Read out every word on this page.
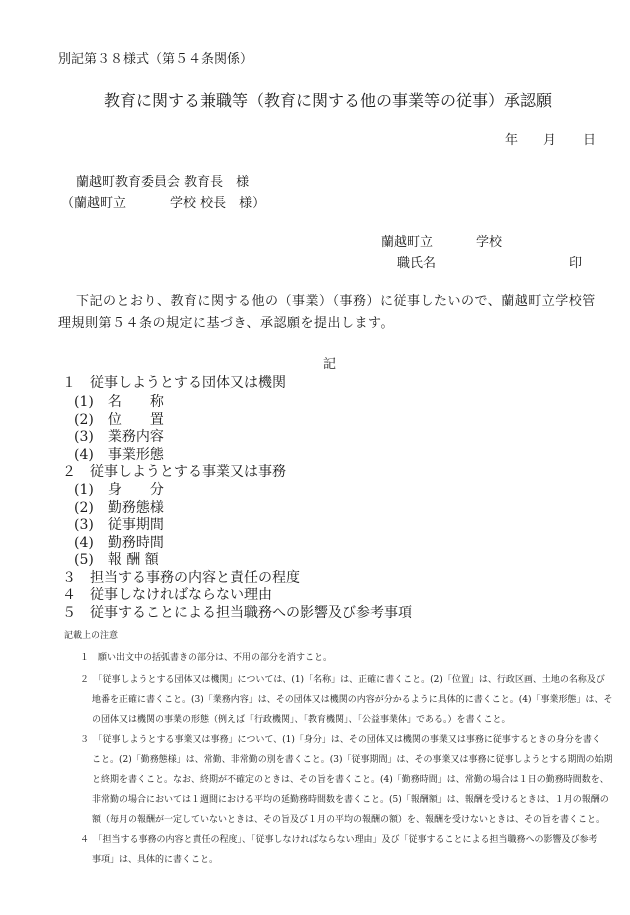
別記第３８様式（第５４条関係）
教育に関する兼職等（教育に関する他の事業等の従事）承認願
年 月 日
蘭越町教育委員会 教育長　様
（蘭越町立	学校 校長　様）
蘭越町立	学校
職氏名	印
下記のとおり、教育に関する他の（事業）（事務）に従事したいので、蘭越町立学校管
理規則第５４条の規定に基づき、承認願を提出します。
記
１　従事しようとする団体又は機関
(1)　名　　称
(2)　位　　置
(3)　業務内容
(4)　事業形態
２　従事しようとする事業又は事務
(1)　身　　分
(2)　勤務態様
(3)　従事期間
(4)　勤務時間
(5)　報 酬 額
３　担当する事務の内容と責任の程度
４　従事しなければならない理由
５　従事することによる担当職務への影響及び参考事項
記載上の注意
１　願い出文中の括弧書きの部分は、不用の部分を消すこと。
２　「従事しようとする団体又は機関」については、(1)「名称」は、正確に書くこと。(2)「位置」は、行政区画、土地の名称及び
地番を正確に書くこと。(3)「業務内容」は、その団体又は機関の内容が分かるように具体的に書くこと。(4)「事業形態」は、そ
の団体又は機関の事業の形態（例えば「行政機関」、「教育機関」、「公益事業体」である。）を書くこと。
３　「従事しようとする事業又は事務」について、(1)「身分」は、その団体又は機関の事業又は事務に従事するときの身分を書く
こと。(2)「勤務態様」は、常勤、非常勤の別を書くこと。(3)「従事期間」は、その事業又は事務に従事しようとする期間の始期
と終期を書くこと。なお、終期が不確定のときは、その旨を書くこと。(4)「勤務時間」は、常勤の場合は１日の勤務時間数を、
非常勤の場合においては１週間における平均の延勤務時間数を書くこと。(5)「報酬額」は、報酬を受けるときは、１月の報酬の
額（毎月の報酬が一定していないときは、その旨及び１月の平均の報酬の額）を、報酬を受けないときは、その旨を書くこと。
４　「担当する事務の内容と責任の程度」、「従事しなければならない理由」及び「従事することによる担当職務への影響及び参考
事項」は、具体的に書くこと。
